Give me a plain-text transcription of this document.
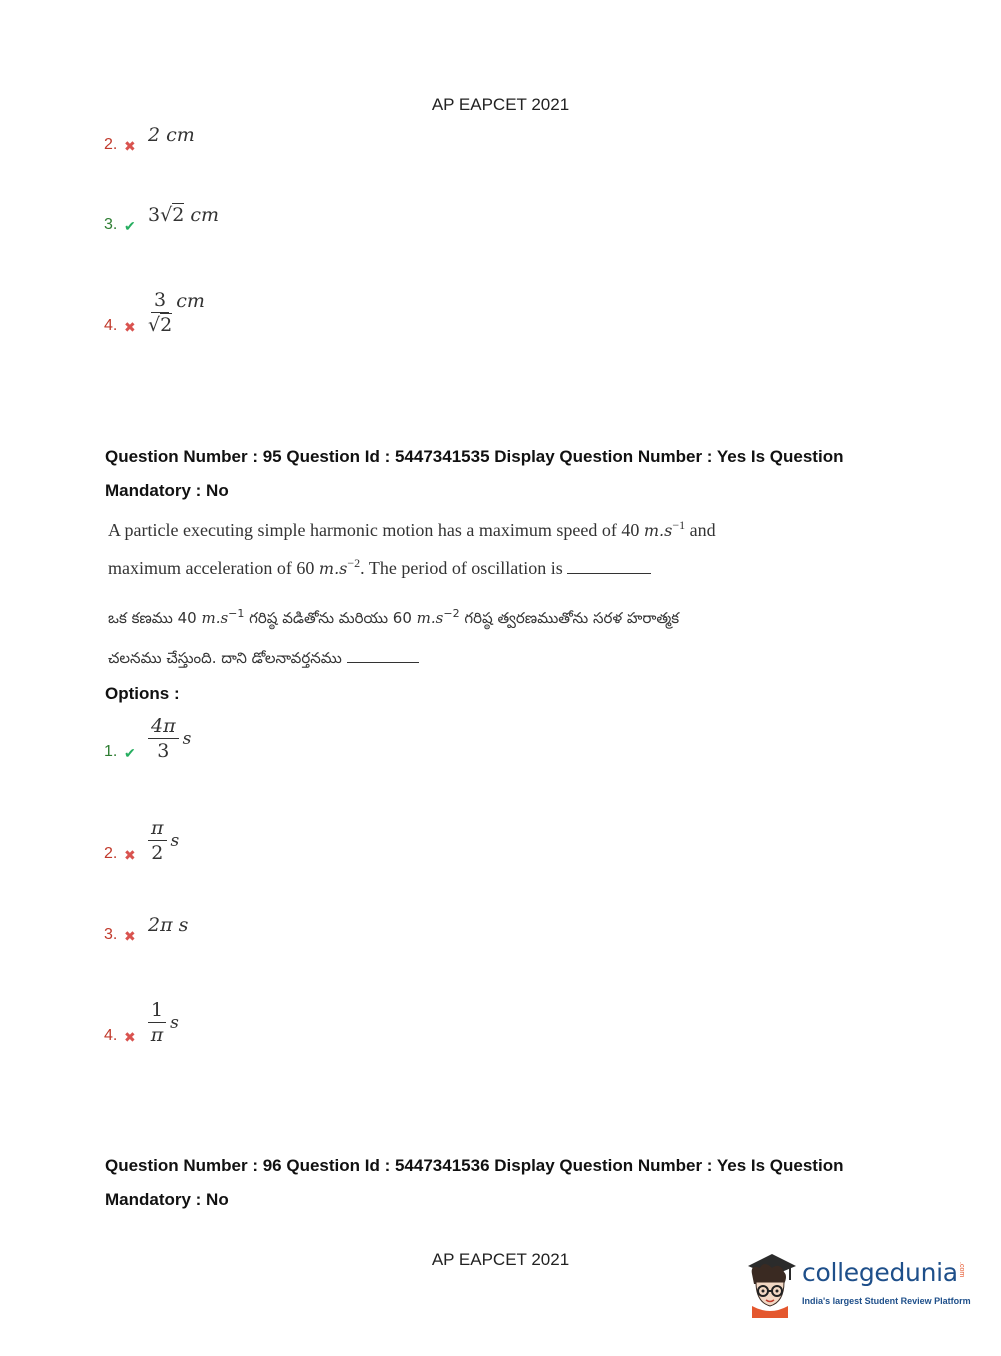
AP EAPCET 2021
2. ✖ 2 cm
3. ✔ 3√2 cm
4. ✖ $\frac{3}{√2}$ cm
Question Number : 95 Question Id : 5447341535 Display Question Number : Yes Is Question
Mandatory : No
A particle executing simple harmonic motion has a maximum speed of 40 $m.s^{-1}$ and
maximum acceleration of 60 $m.s^{-2}$. The period of oscillation is
ఒక కణము 40 $m.s^{-1}$ గరిష్ఠ వడితోను మరియు 60 $m.s^{-2}$ గరిష్ఠ త్వరణముతోను సరళ హరాత్మక
చలనము చేస్తుంది. దాని డోలనావర్తనము
Options :
1. ✔ $\frac{4\pi}{3}$ s
2. ✖ $\frac{\pi}{2}$ s
3. ✖ 2π s
4. ✖ $\frac{1}{\pi}$ s
Question Number : 96 Question Id : 5447341536 Display Question Number : Yes Is Question
Mandatory : No
AP EAPCET 2021	collegedunia .com
India's largest Student Review Platform
